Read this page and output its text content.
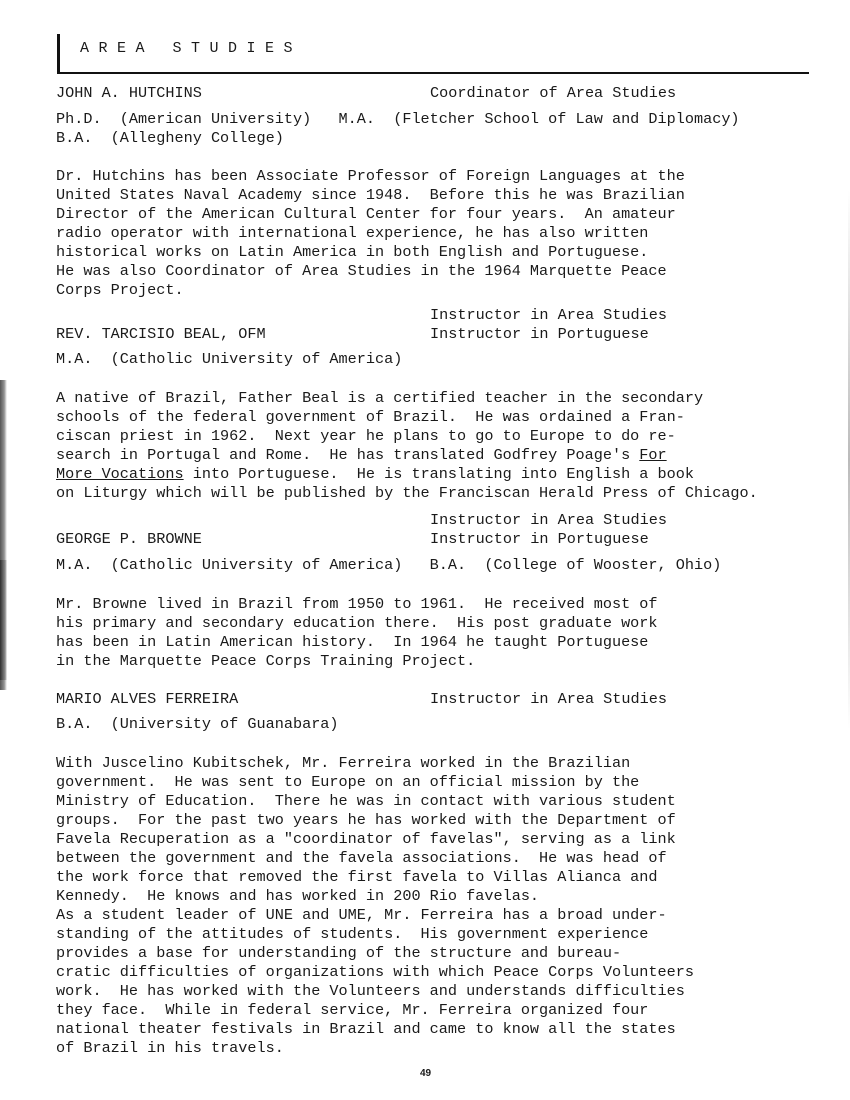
AREA STUDIES
JOHN A. HUTCHINS	Coordinator of Area Studies
Ph.D.  (American University)   M.A.  (Fletcher School of Law and Diplomacy)
B.A.  (Allegheny College)
Dr. Hutchins has been Associate Professor of Foreign Languages at the
United States Naval Academy since 1948.  Before this he was Brazilian
Director of the American Cultural Center for four years.  An amateur
radio operator with international experience, he has also written
historical works on Latin America in both English and Portuguese.
He was also Coordinator of Area Studies in the 1964 Marquette Peace
Corps Project.
Instructor in Area Studies
REV. TARCISIO BEAL, OFM	Instructor in Portuguese
M.A.  (Catholic University of America)
A native of Brazil, Father Beal is a certified teacher in the secondary
schools of the federal government of Brazil.  He was ordained a Fran-
ciscan priest in 1962.  Next year he plans to go to Europe to do re-
search in Portugal and Rome.  He has translated Godfrey Poage's For
More Vocations into Portuguese.  He is translating into English a book
on Liturgy which will be published by the Franciscan Herald Press of Chicago.
Instructor in Area Studies
GEORGE P. BROWNE	Instructor in Portuguese
M.A.  (Catholic University of America)   B.A.  (College of Wooster, Ohio)
Mr. Browne lived in Brazil from 1950 to 1961.  He received most of
his primary and secondary education there.  His post graduate work
has been in Latin American history.  In 1964 he taught Portuguese
in the Marquette Peace Corps Training Project.
MARIO ALVES FERREIRA	Instructor in Area Studies
B.A.  (University of Guanabara)
With Juscelino Kubitschek, Mr. Ferreira worked in the Brazilian
government.  He was sent to Europe on an official mission by the
Ministry of Education.  There he was in contact with various student
groups.  For the past two years he has worked with the Department of
Favela Recuperation as a "coordinator of favelas", serving as a link
between the government and the favela associations.  He was head of
the work force that removed the first favela to Villas Alianca and
Kennedy.  He knows and has worked in 200 Rio favelas.
As a student leader of UNE and UME, Mr. Ferreira has a broad under-
standing of the attitudes of students.  His government experience
provides a base for understanding of the structure and bureau-
cratic difficulties of organizations with which Peace Corps Volunteers
work.  He has worked with the Volunteers and understands difficulties
they face.  While in federal service, Mr. Ferreira organized four
national theater festivals in Brazil and came to know all the states
of Brazil in his travels.
49
